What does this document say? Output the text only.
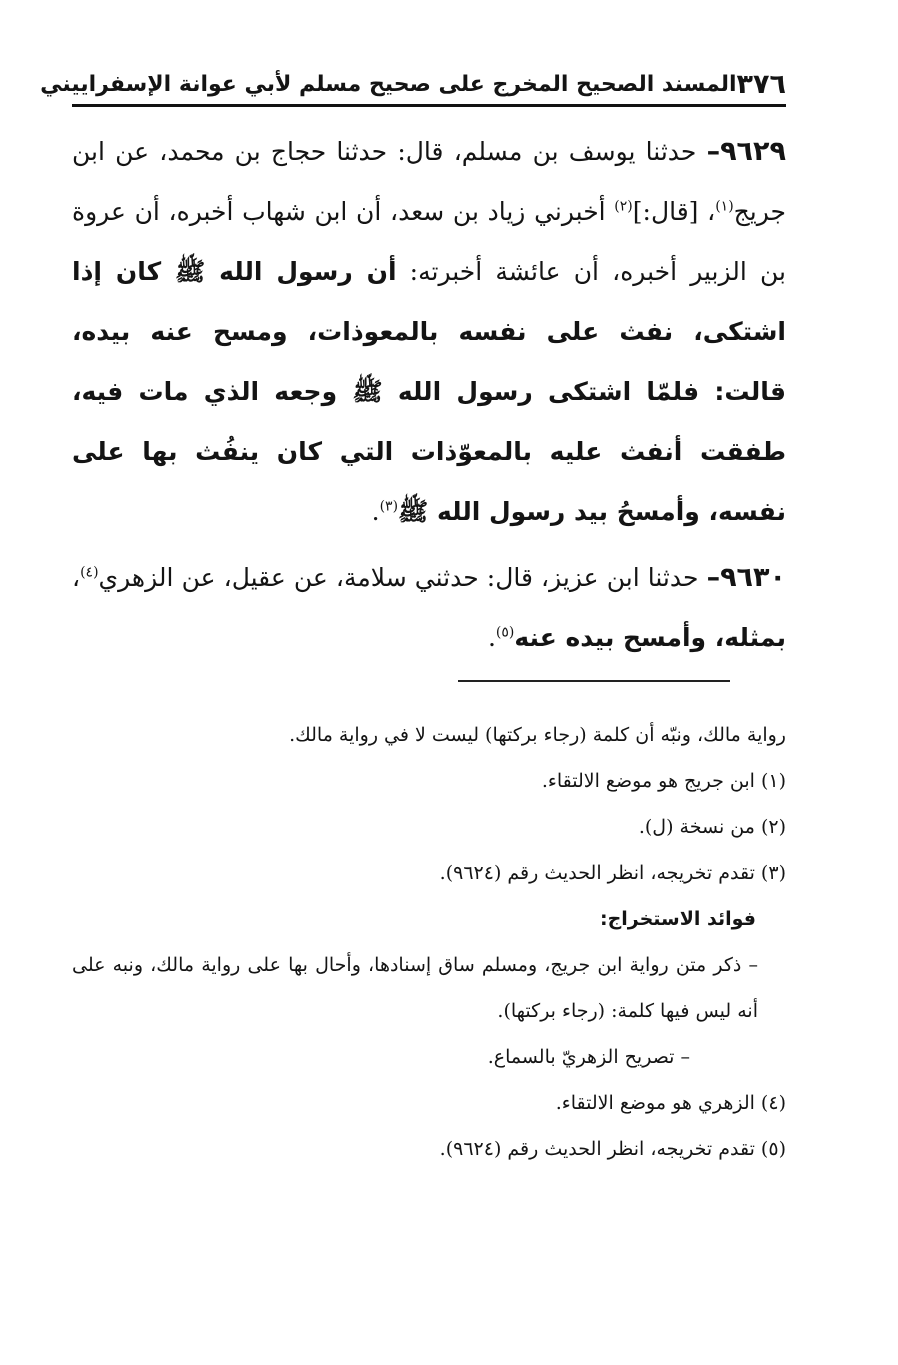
٣٧٦
المسند الصحيح المخرج على صحيح مسلم لأبي عوانة الإسفراييني

٩٦٢٩– حدثنا يوسف بن مسلم، قال: حدثنا حجاج بن محمد، عن ابن جريج$^{(١)}$، [قال:]$^{(٢)}$ أخبرني زياد بن سعد، أن ابن شهاب أخبره، أن عروة بن الزبير أخبره، أن عائشة أخبرته: أن رسول الله ﷺ كان إذا اشتكى، نفث على نفسه بالمعوذات، ومسح عنه بيده، قالت: فلمّا اشتكى رسول الله ﷺ وجعه الذي مات فيه، طفقت أنفث عليه بالمعوّذات التي كان ينفُث بها على نفسه، وأمسحُ بيد رسول الله ﷺ$^{(٣)}$.

٩٦٣٠– حدثنا ابن عزيز، قال: حدثني سلامة، عن عقيل، عن الزهري$^{(٤)}$، بمثله، وأمسح بيده عنه$^{(٥)}$.

رواية مالك، ونبّه أن كلمة (رجاء بركتها) ليست لا في رواية مالك.
(١) ابن جريج هو موضع الالتقاء.
(٢) من نسخة (ل).
(٣) تقدم تخريجه، انظر الحديث رقم (٩٦٢٤).
فوائد الاستخراج:
– ذكر متن رواية ابن جريج، ومسلم ساق إسنادها، وأحال بها على رواية مالك، ونبه على أنه ليس فيها كلمة: (رجاء بركتها).
– تصريح الزهريّ بالسماع.
(٤) الزهري هو موضع الالتقاء.
(٥) تقدم تخريجه، انظر الحديث رقم (٩٦٢٤).
